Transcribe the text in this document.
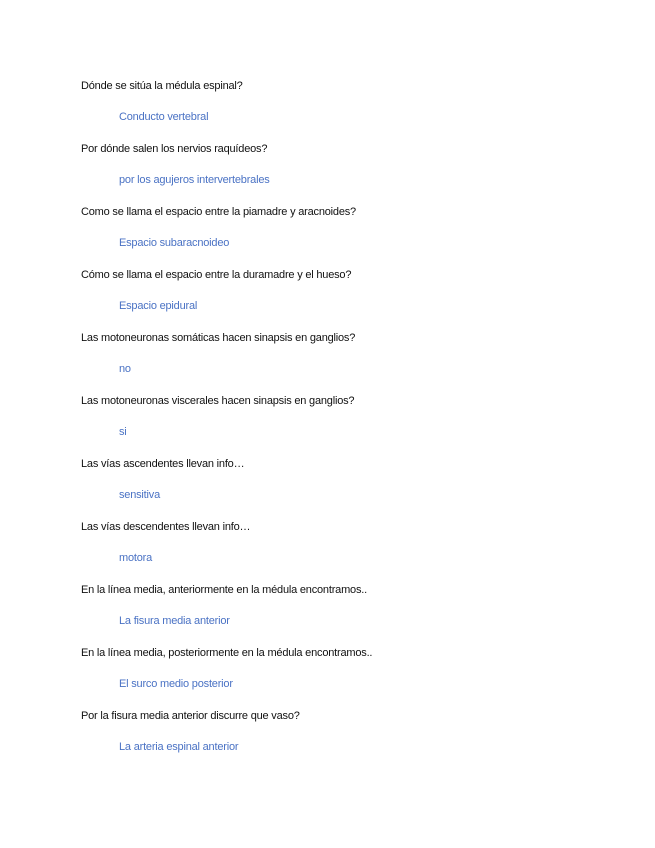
Dónde se sitúa la médula espinal?
Conducto vertebral
Por dónde salen los nervios raquídeos?
por los agujeros intervertebrales
Como se llama el espacio entre la piamadre y aracnoides?
Espacio subaracnoideo
Cómo se llama el espacio entre la duramadre y el hueso?
Espacio epidural
Las motoneuronas somáticas hacen sinapsis en ganglios?
no
Las motoneuronas viscerales hacen sinapsis en ganglios?
si
Las vías ascendentes llevan info…
sensitiva
Las vías descendentes llevan info…
motora
En la línea media, anteriormente en la médula encontramos..
La fisura media anterior
En la línea media, posteriormente en la médula encontramos..
El surco medio posterior
Por la fisura media anterior discurre que vaso?
La arteria espinal anterior
